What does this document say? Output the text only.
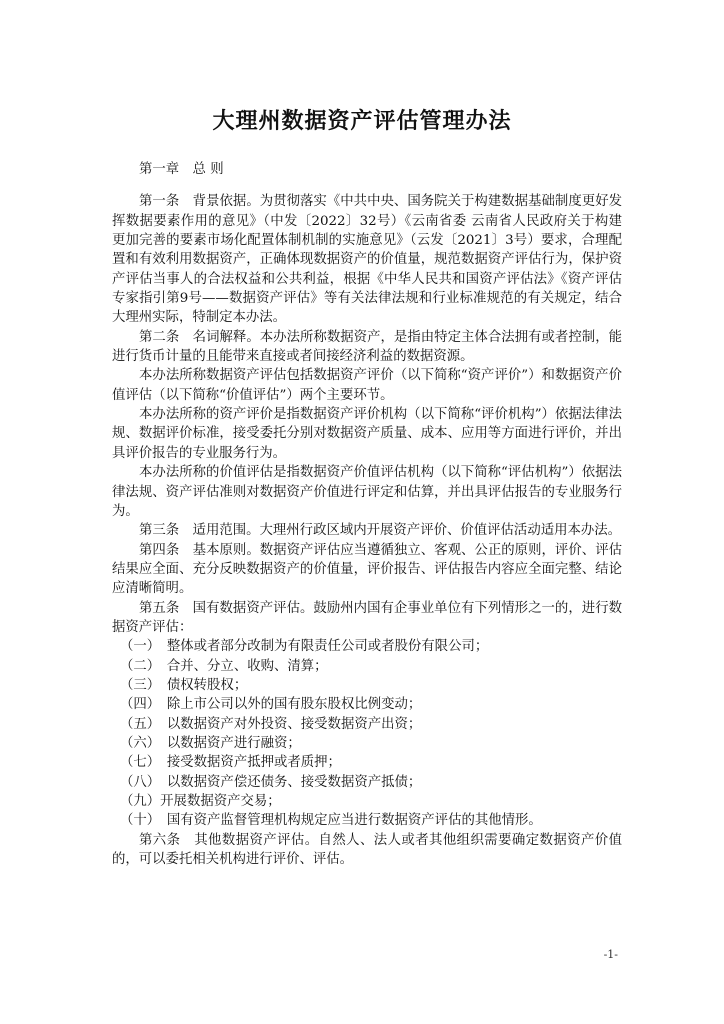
大理州数据资产评估管理办法

第一章　总 则

第一条　背景依据。为贯彻落实《中共中央、国务院关于构建数据基础制度更好发挥数据要素作用的意见》（中发〔2022〕32号）《云南省委 云南省人民政府关于构建更加完善的要素市场化配置体制机制的实施意见》（云发〔2021〕3号）要求，合理配置和有效利用数据资产，正确体现数据资产的价值量，规范数据资产评估行为，保护资产评估当事人的合法权益和公共利益，根据《中华人民共和国资产评估法》《资产评估专家指引第9号——数据资产评估》等有关法律法规和行业标准规范的有关规定，结合大理州实际，特制定本办法。

第二条　名词解释。本办法所称数据资产，是指由特定主体合法拥有或者控制，能进行货币计量的且能带来直接或者间接经济利益的数据资源。

本办法所称数据资产评估包括数据资产评价（以下简称“资产评价”）和数据资产价值评估（以下简称“价值评估”）两个主要环节。

本办法所称的资产评价是指数据资产评价机构（以下简称“评价机构”）依据法律法规、数据评价标准，接受委托分别对数据资产质量、成本、应用等方面进行评价，并出具评价报告的专业服务行为。

本办法所称的价值评估是指数据资产价值评估机构（以下简称“评估机构”）依据法律法规、资产评估准则对数据资产价值进行评定和估算，并出具评估报告的专业服务行为。

第三条　适用范围。大理州行政区域内开展资产评价、价值评估活动适用本办法。

第四条　基本原则。数据资产评估应当遵循独立、客观、公正的原则，评价、评估结果应全面、充分反映数据资产的价值量，评价报告、评估报告内容应全面完整、结论应清晰简明。

第五条　国有数据资产评估。鼓励州内国有企事业单位有下列情形之一的，进行数据资产评估：

（一）　整体或者部分改制为有限责任公司或者股份有限公司；

（二）　合并、分立、收购、清算；

（三）　债权转股权；

（四）　除上市公司以外的国有股东股权比例变动；

（五）　以数据资产对外投资、接受数据资产出资；

（六）　以数据资产进行融资；

（七）　接受数据资产抵押或者质押；

（八）　以数据资产偿还债务、接受数据资产抵债；

（九）开展数据资产交易；

（十）　国有资产监督管理机构规定应当进行数据资产评估的其他情形。

第六条　其他数据资产评估。自然人、法人或者其他组织需要确定数据资产价值的，可以委托相关机构进行评价、评估。

-1-
